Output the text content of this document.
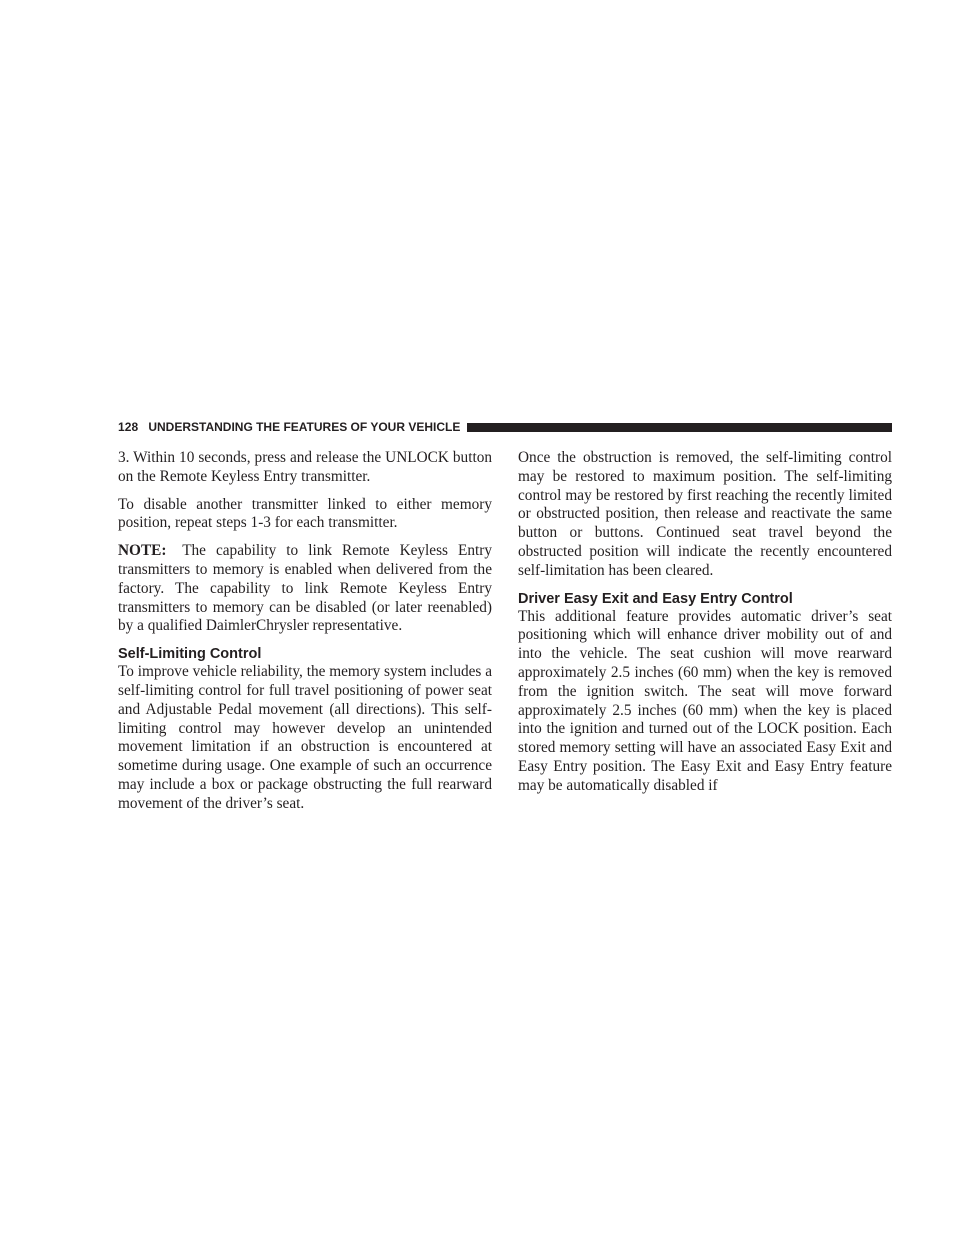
128 UNDERSTANDING THE FEATURES OF YOUR VEHICLE

3. Within 10 seconds, press and release the UNLOCK button on the Remote Keyless Entry transmitter.

To disable another transmitter linked to either memory position, repeat steps 1-3 for each transmitter.

NOTE: The capability to link Remote Keyless Entry transmitters to memory is enabled when delivered from the factory. The capability to link Remote Keyless Entry transmitters to memory can be disabled (or later reenabled) by a qualified DaimlerChrysler representative.

Self-Limiting Control

To improve vehicle reliability, the memory system includes a self-limiting control for full travel positioning of power seat and Adjustable Pedal movement (all directions). This self-limiting control may however develop an unintended movement limitation if an obstruction is encountered at sometime during usage. One example of such an occurrence may include a box or package obstructing the full rearward movement of the driver’s seat.

Once the obstruction is removed, the self-limiting control may be restored to maximum position. The self-limiting control may be restored by first reaching the recently limited or obstructed position, then release and reactivate the same button or buttons. Continued seat travel beyond the obstructed position will indicate the recently encountered self-limitation has been cleared.

Driver Easy Exit and Easy Entry Control

This additional feature provides automatic driver’s seat positioning which will enhance driver mobility out of and into the vehicle. The seat cushion will move rearward approximately 2.5 inches (60 mm) when the key is removed from the ignition switch. The seat will move forward approximately 2.5 inches (60 mm) when the key is placed into the ignition and turned out of the LOCK position. Each stored memory setting will have an associated Easy Exit and Easy Entry position. The Easy Exit and Easy Entry feature may be automatically disabled if
